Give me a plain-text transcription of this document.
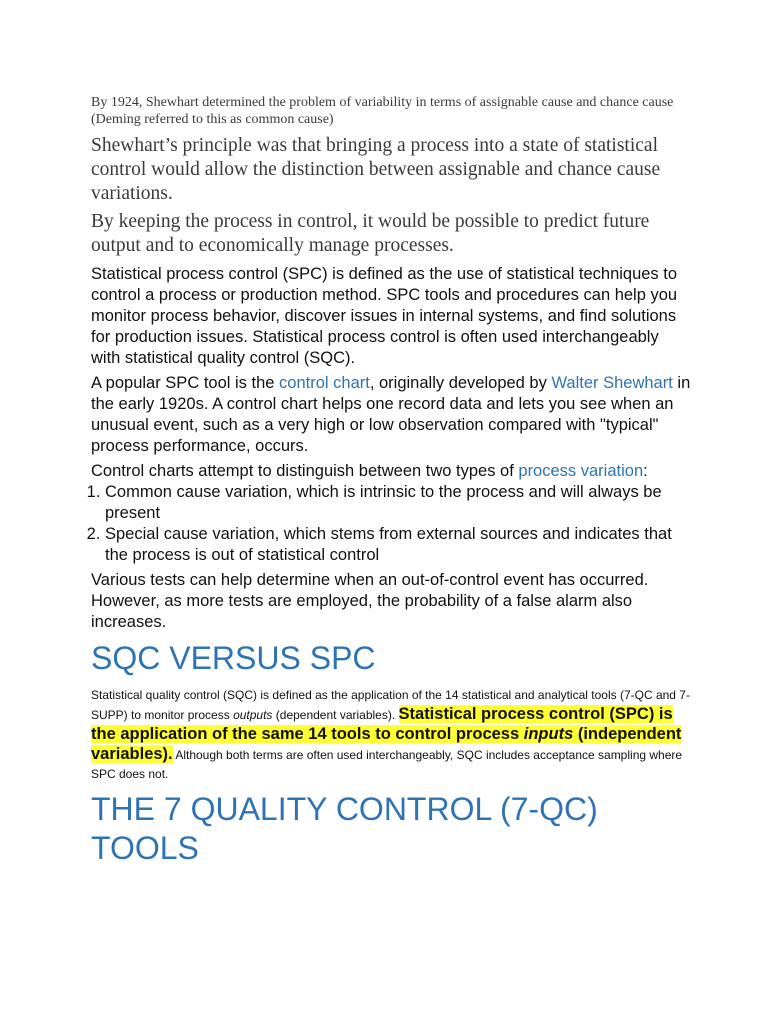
By 1924, Shewhart determined the problem of variability in terms of assignable cause and chance cause (Deming referred to this as common cause)

Shewhart’s principle was that bringing a process into a state of statistical control would allow the distinction between assignable and chance cause variations.

By keeping the process in control, it would be possible to predict future output and to economically manage processes.

Statistical process control (SPC) is defined as the use of statistical techniques to control a process or production method. SPC tools and procedures can help you monitor process behavior, discover issues in internal systems, and find solutions for production issues. Statistical process control is often used interchangeably with statistical quality control (SQC).

A popular SPC tool is the control chart, originally developed by Walter Shewhart in the early 1920s. A control chart helps one record data and lets you see when an unusual event, such as a very high or low observation compared with "typical" process performance, occurs.

Control charts attempt to distinguish between two types of process variation:

1. Common cause variation, which is intrinsic to the process and will always be present
2. Special cause variation, which stems from external sources and indicates that the process is out of statistical control

Various tests can help determine when an out-of-control event has occurred. However, as more tests are employed, the probability of a false alarm also increases.

SQC VERSUS SPC

Statistical quality control (SQC) is defined as the application of the 14 statistical and analytical tools (7-QC and 7-SUPP) to monitor process outputs (dependent variables). Statistical process control (SPC) is the application of the same 14 tools to control process inputs (independent variables). Although both terms are often used interchangeably, SQC includes acceptance sampling where SPC does not.

THE 7 QUALITY CONTROL (7-QC) TOOLS
